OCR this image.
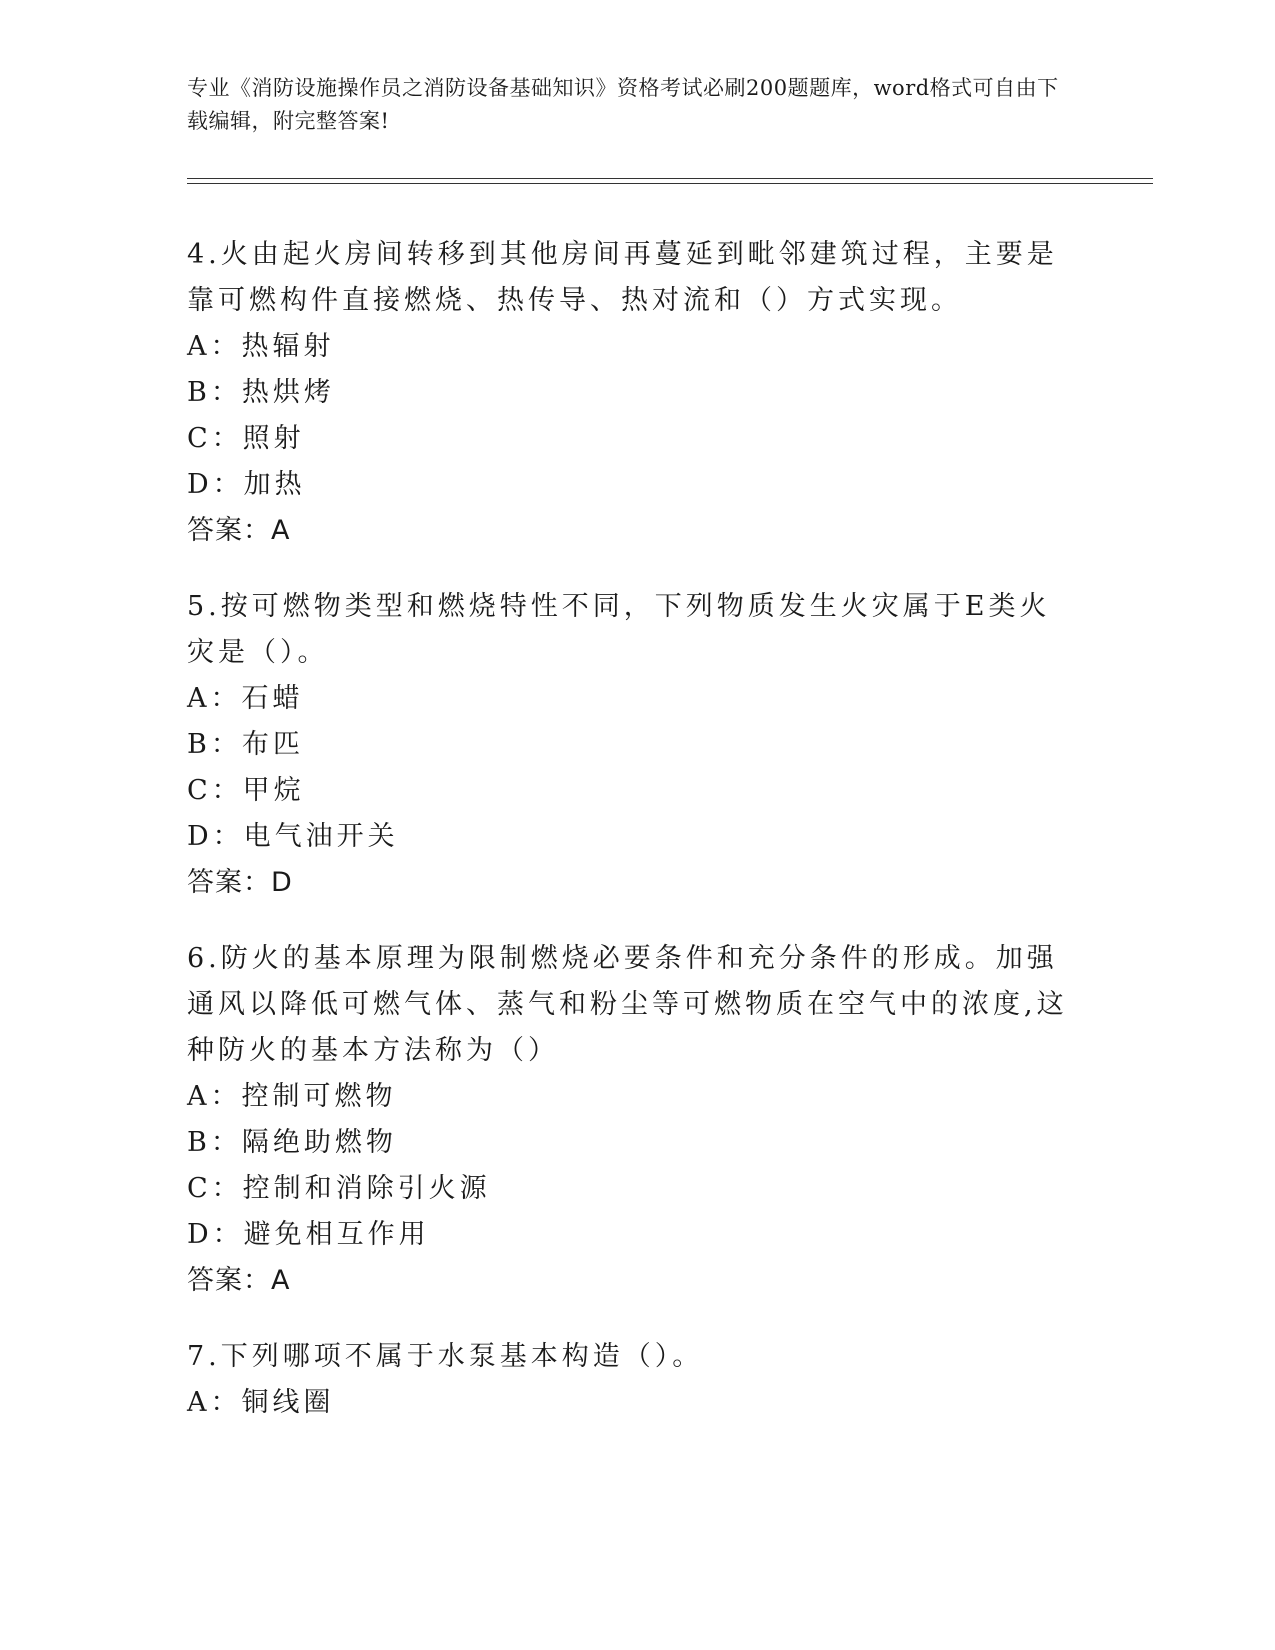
专业《消防设施操作员之消防设备基础知识》资格考试必刷200题题库，word格式可自由下载编辑，附完整答案!

4.火由起火房间转移到其他房间再蔓延到毗邻建筑过程，主要是靠可燃构件直接燃烧、热传导、热对流和（）方式实现。

A：热辐射

B：热烘烤

C：照射

D：加热

答案：A

5.按可燃物类型和燃烧特性不同，下列物质发生火灾属于E类火灾是（）。

A：石蜡

B：布匹

C：甲烷

D：电气油开关

答案：D

6.防火的基本原理为限制燃烧必要条件和充分条件的形成。加强通风以降低可燃气体、蒸气和粉尘等可燃物质在空气中的浓度,这种防火的基本方法称为（）

A：控制可燃物

B：隔绝助燃物

C：控制和消除引火源

D：避免相互作用

答案：A

7.下列哪项不属于水泵基本构造（）。

A：铜线圈
